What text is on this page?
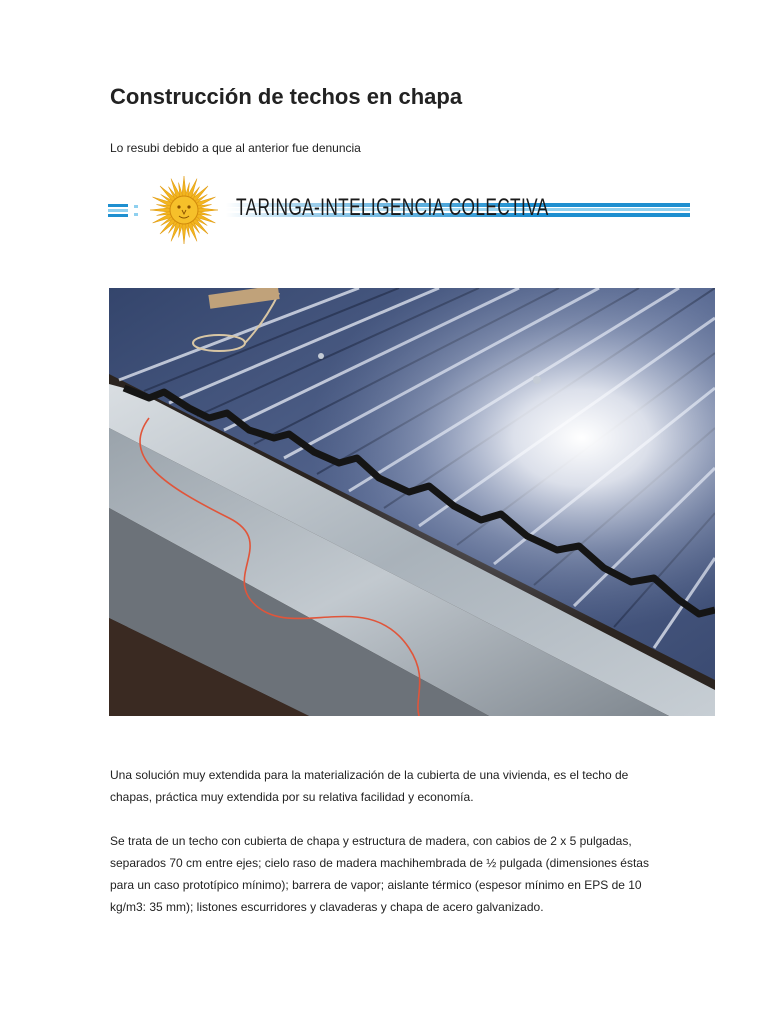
Construcción de techos en chapa

Lo resubi debido a que al anterior fue denuncia

TARINGA-INTELIGENCIA COLECTIVA

Una solución muy extendida para la materialización de la cubierta de una vivienda, es el techo de chapas, práctica muy extendida por su relativa facilidad y economía.

Se trata de un techo con cubierta de chapa y estructura de madera, con cabios de 2 x 5 pulgadas, separados 70 cm entre ejes; cielo raso de madera machihembrada de ½ pulgada (dimensiones éstas para un caso prototípico mínimo); barrera de vapor; aislante térmico (espesor mínimo en EPS de 10 kg/m3: 35 mm); listones escurridores y clavaderas y chapa de acero galvanizado.
